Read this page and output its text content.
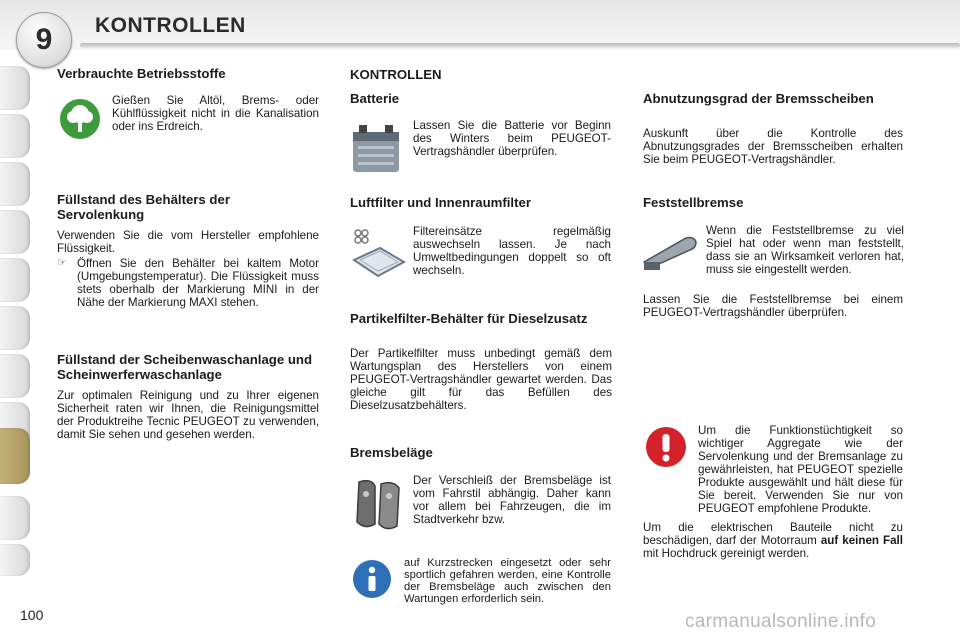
9 KONTROLLEN
Verbrauchte Betriebsstoffe
Gießen Sie Altöl, Brems- oder Kühlflüssigkeit nicht in die Kanalisation oder ins Erdreich.
Füllstand des Behälters der Servolenkung
Verwenden Sie die vom Hersteller empfohlene Flüssigkeit.
☞ Öffnen Sie den Behälter bei kaltem Motor (Umgebungstemperatur). Die Flüssigkeit muss stets oberhalb der Markierung MINI in der Nähe der Markierung MAXI stehen.
Füllstand der Scheibenwaschanlage und Scheinwerferwaschanlage
Zur optimalen Reinigung und zu Ihrer eigenen Sicherheit raten wir Ihnen, die Reinigungsmittel der Produktreihe Tecnic PEUGEOT zu verwenden, damit Sie sehen und gesehen werden.
KONTROLLEN
Batterie
Lassen Sie die Batterie vor Beginn des Winters beim PEUGEOT-Vertragshändler überprüfen.
Luftfilter und Innenraumfilter
Filtereinsätze regelmäßig auswechseln lassen. Je nach Umweltbedingungen doppelt so oft wechseln.
Partikelfilter-Behälter für Dieselzusatz
Der Partikelfilter muss unbedingt gemäß dem Wartungsplan des Herstellers von einem PEUGEOT-Vertragshändler gewartet werden. Das gleiche gilt für das Befüllen des Dieselzusatzbehälters.
Bremsbeläge
Der Verschleiß der Bremsbeläge ist vom Fahrstil abhängig. Daher kann vor allem bei Fahrzeugen, die im Stadtverkehr bzw.
auf Kurzstrecken eingesetzt oder sehr sportlich gefahren werden, eine Kontrolle der Bremsbeläge auch zwischen den Wartungen erforderlich sein.
Abnutzungsgrad der Bremsscheiben
Auskunft über die Kontrolle des Abnutzungsgrades der Bremsscheiben erhalten Sie beim PEUGEOT-Vertragshändler.
Feststellbremse
Wenn die Feststellbremse zu viel Spiel hat oder wenn man feststellt, dass sie an Wirksamkeit verloren hat, muss sie eingestellt werden.
Lassen Sie die Feststellbremse bei einem PEUGEOT-Vertragshändler überprüfen.
Um die Funktionstüchtigkeit so wichtiger Aggregate wie der Servolenkung und der Bremsanlage zu gewährleisten, hat PEUGEOT spezielle Produkte ausgewählt und hält diese für Sie bereit. Verwenden Sie nur von PEUGEOT empfohlene Produkte.
Um die elektrischen Bauteile nicht zu beschädigen, darf der Motorraum auf keinen Fall mit Hochdruck gereinigt werden.
100	carmanualsonline.info
